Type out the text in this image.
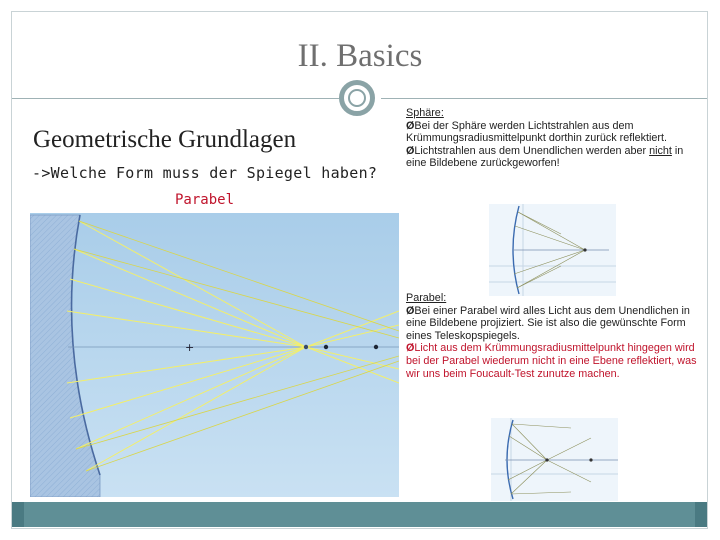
II. Basics
Geometrische Grundlagen
->Welche Form muss der Spiegel haben?
Parabel
+
Sphäre:
ØBei der Sphäre werden Lichtstrahlen aus dem Krümmungsradiusmittelpunkt dorthin zurück reflektiert.
ØLichtstrahlen aus dem Unendlichen werden aber nicht in eine Bildebene zurückgeworfen!
Parabel:
ØBei einer Parabel wird alles Licht aus dem Unendlichen in eine Bildebene projiziert. Sie ist also die gewünschte Form eines Teleskopspiegels.
ØLicht aus dem Krümmungsradiusmittelpunkt hingegen wird bei der Parabel wiederum nicht in eine Ebene reflektiert, was wir uns beim Foucault-Test zunutze machen.
